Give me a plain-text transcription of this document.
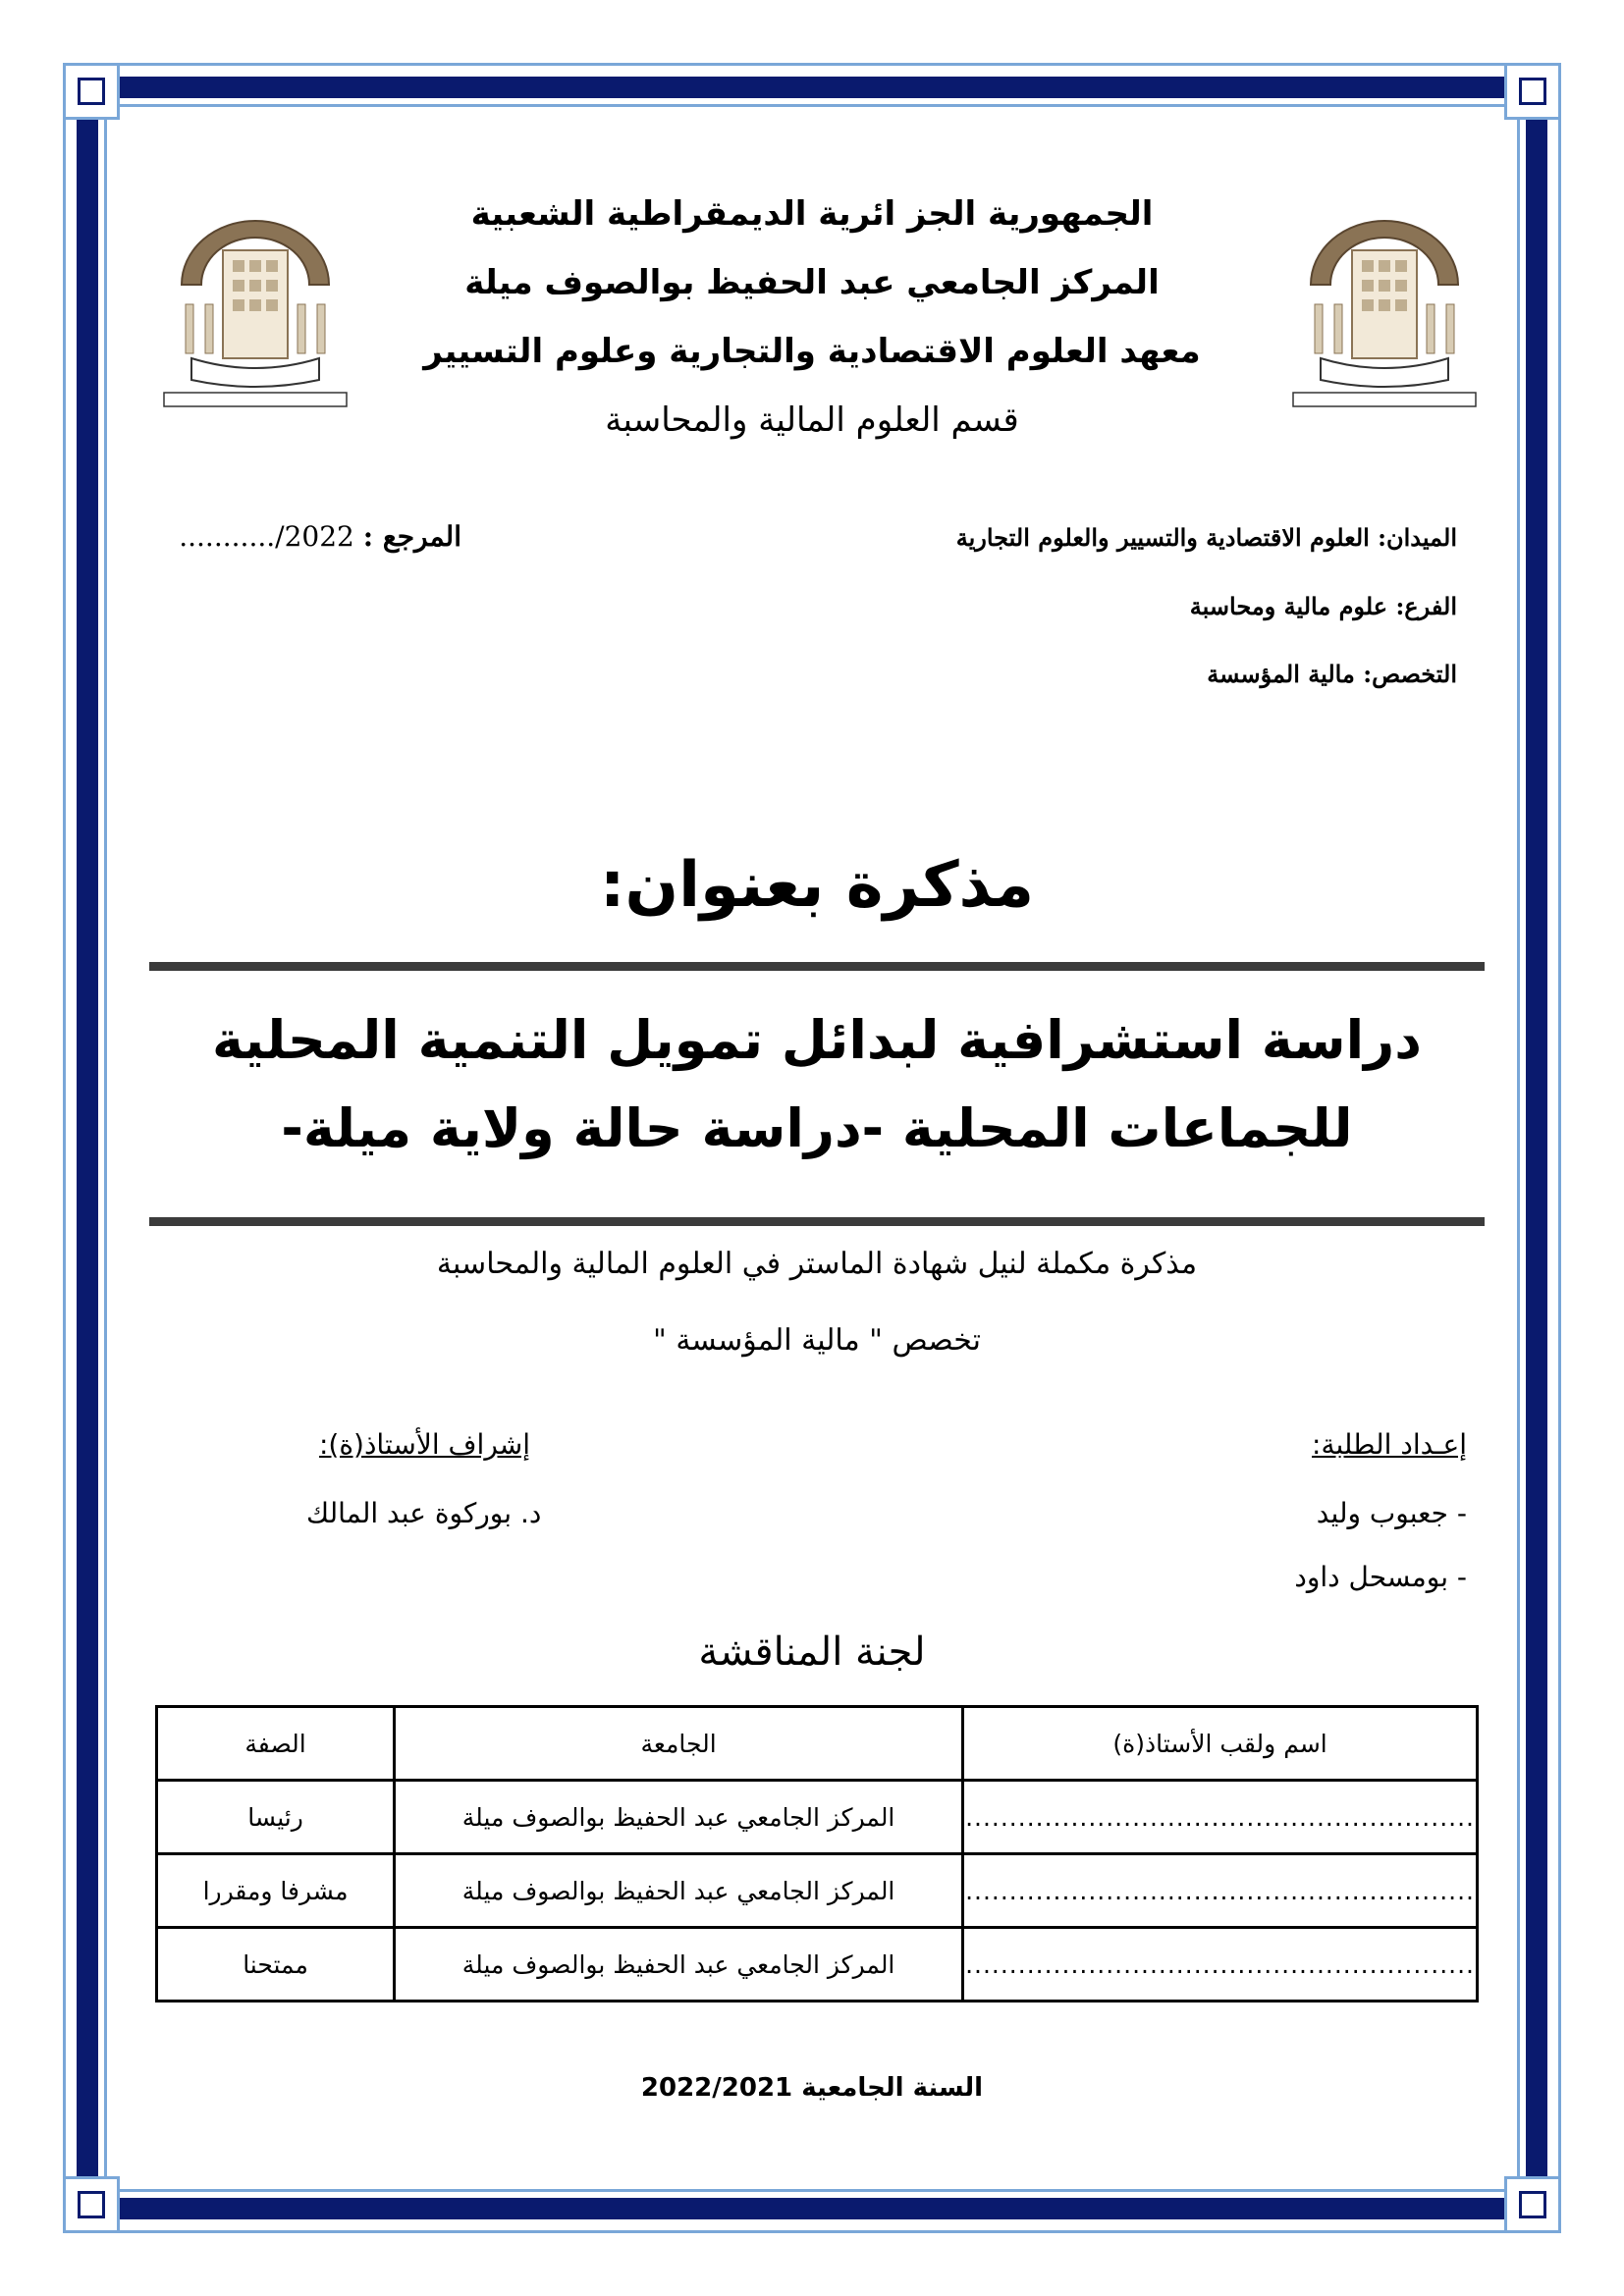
الجمهورية الجز ائرية الديمقراطية الشعبية
المركز الجامعي عبد الحفيظ بوالصوف ميلة
معهد العلوم الاقتصادية والتجارية وعلوم التسيير
قسم العلوم المالية والمحاسبة
الميدان: العلوم الاقتصادية والتسيير والعلوم التجارية
الفرع: علوم مالية ومحاسبة
التخصص: مالية المؤسسة
المرجع : 2022/...........
مذكرة بعنوان:
دراسة استشرافية لبدائل تمويل التنمية المحلية
للجماعات المحلية -دراسة حالة ولاية ميلة-
مذكرة مكملة لنيل شهادة الماستر في العلوم المالية والمحاسبة
تخصص " مالية المؤسسة "
إعـداد الطلبة:
- جعبوب وليد
- بومسحل داود
إشراف الأستاذ(ة):
د. بوركوة عبد المالك
لجنة المناقشة
اسم ولقب الأستاذ(ة)	الجامعة	الصفة
..........................................................	المركز الجامعي عبد الحفيظ بوالصوف ميلة	رئيسا
..........................................................	المركز الجامعي عبد الحفيظ بوالصوف ميلة	مشرفا ومقررا
..........................................................	المركز الجامعي عبد الحفيظ بوالصوف ميلة	ممتحنا
السنة الجامعية 2022/2021
